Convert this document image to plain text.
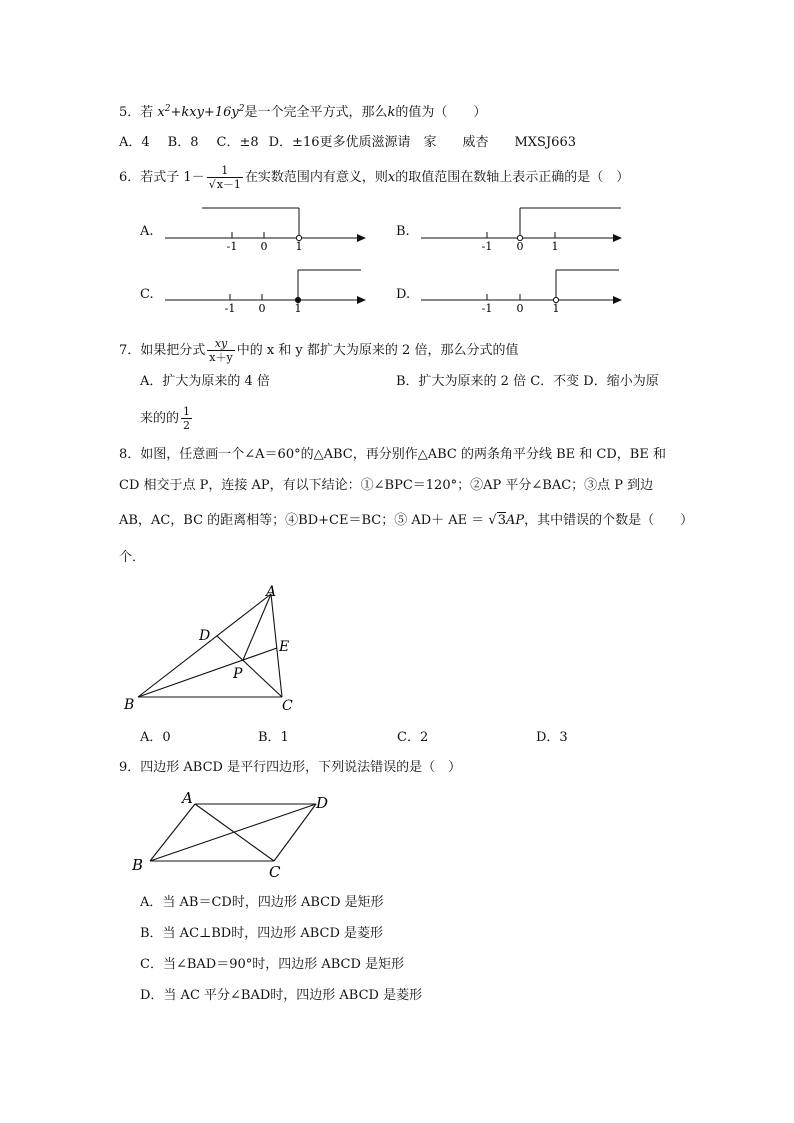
5．若 $x^2+kxy+16y^2$是一个完全平方式，那么k的值为（　　）
A．4 B．8 C．±8 D．±16更多优质滋源请　家　　威杏　　MXSJ663
6．若式子 $1- \frac{1}{√x-1}$ 在实数范围内有意义，则x的取值范围在数轴上表示正确的是（　）
A.	B.
C.	D.
-1 0	1	-1 0	1
-1 0	1	-1 0	1
7．如果把分式 $\frac{xy}{x+y}$ 中的 x 和 y 都扩大为原来的 2 倍，那么分式的值
A．扩大为原来的 4 倍	B．扩大为原来的 2 倍 C．不变 D．缩小为原
来的的 $\frac{1}{2}$
8．如图，任意画一个∠A＝60°的△ABC，再分别作△ABC 的两条角平分线 BE 和 CD，BE 和
CD 相交于点 P，连接 AP，有以下结论：①∠BPC＝120°；②AP 平分∠BAC；③点 P 到边
AB，AC，BC 的距离相等；④BD+CE＝BC；⑤ AD＋ AE ＝ √3AP，其中错误的个数是（　　）
个．
A
D
E
P
B	C
A．0	B．1	C．2	D．3
9．四边形 ABCD 是平行四边形，下列说法错误的是（　）
A	D
B	C
A．当 AB＝CD时，四边形 ABCD 是矩形
B．当 AC⊥BD时，四边形 ABCD 是菱形
C．当∠BAD＝90°时，四边形 ABCD 是矩形
D．当 AC 平分∠BAD时，四边形 ABCD 是菱形
